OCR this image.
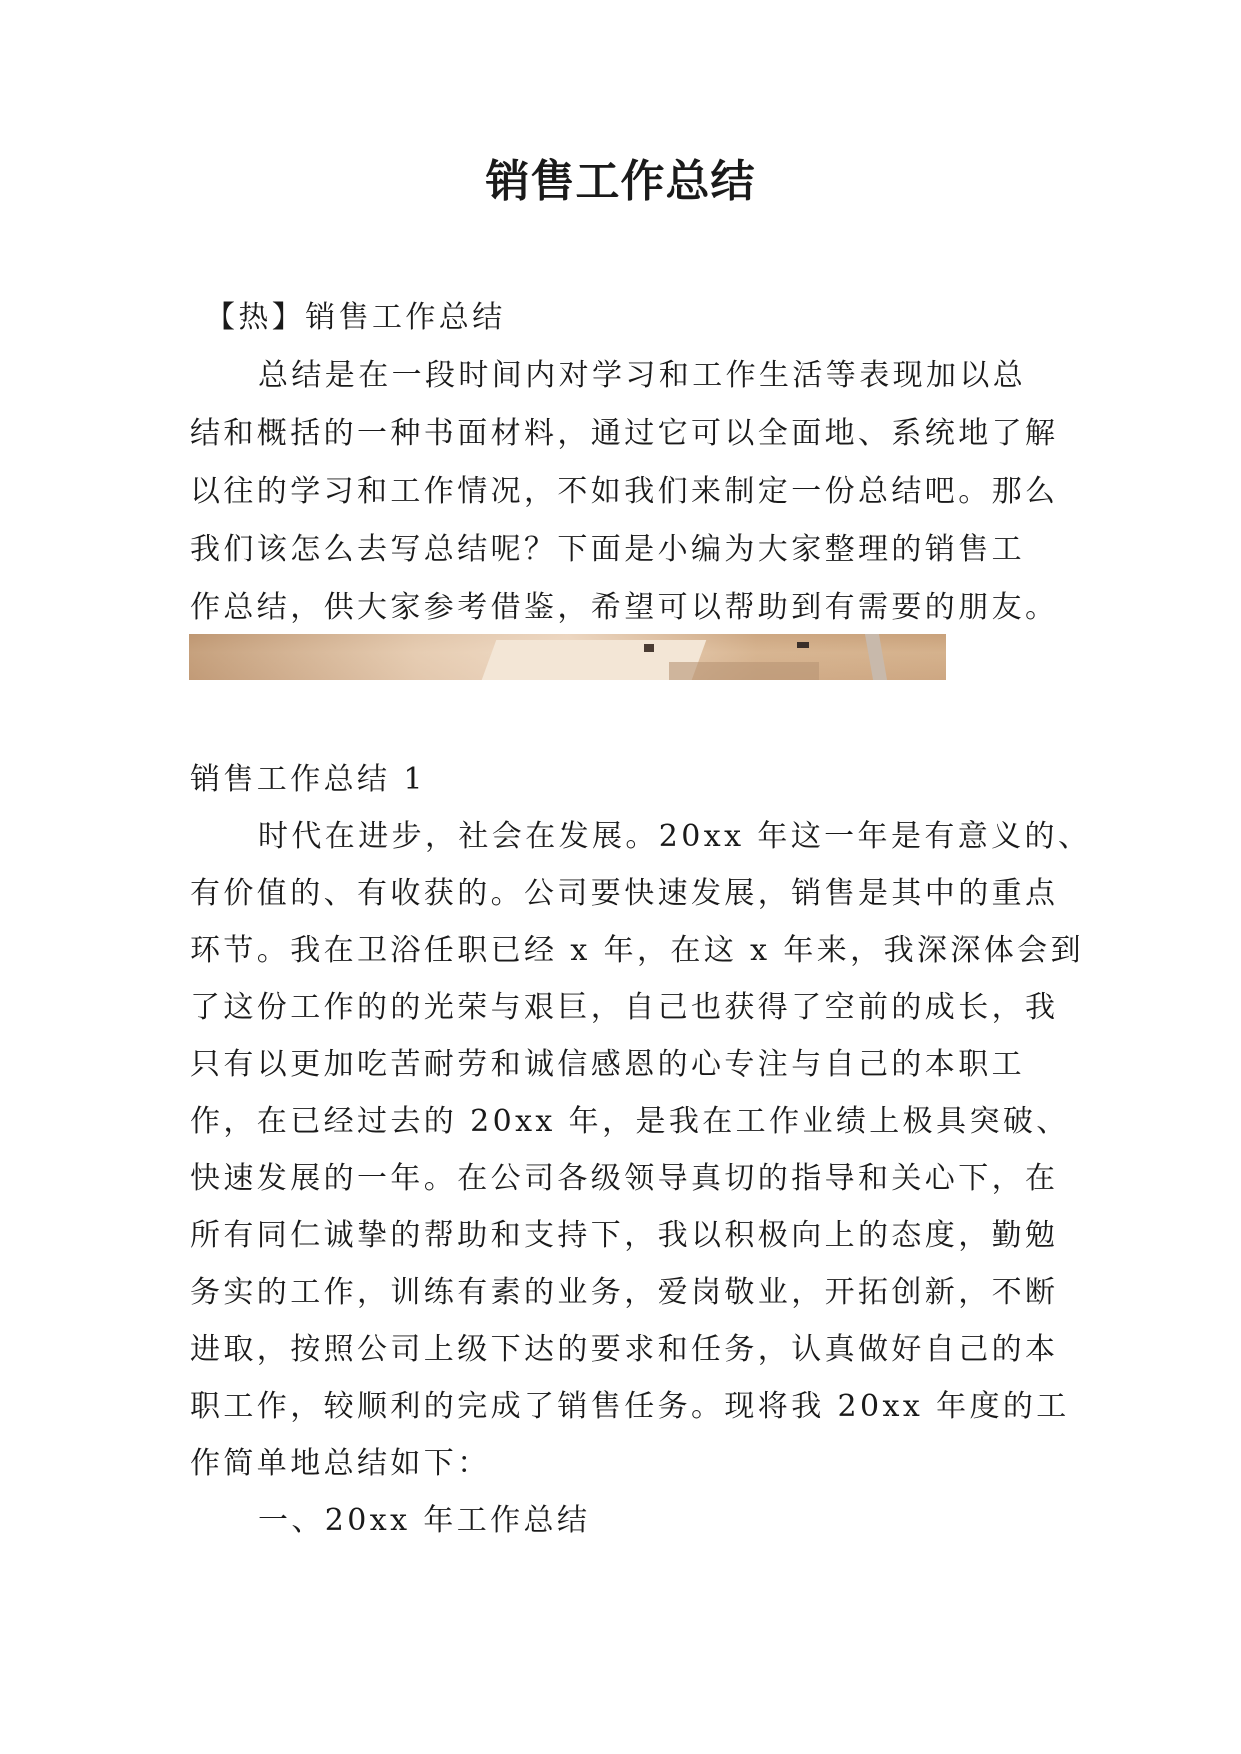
销售工作总结

【热】销售工作总结

总结是在一段时间内对学习和工作生活等表现加以总

结和概括的一种书面材料，通过它可以全面地、系统地了解

以往的学习和工作情况，不如我们来制定一份总结吧。那么

我们该怎么去写总结呢？下面是小编为大家整理的销售工

作总结，供大家参考借鉴，希望可以帮助到有需要的朋友。

销售工作总结 1

时代在进步，社会在发展。20xx 年这一年是有意义的、

有价值的、有收获的。公司要快速发展，销售是其中的重点

环节。我在卫浴任职已经 x 年，在这 x 年来，我深深体会到

了这份工作的的光荣与艰巨，自己也获得了空前的成长，我

只有以更加吃苦耐劳和诚信感恩的心专注与自己的本职工

作，在已经过去的 20xx 年，是我在工作业绩上极具突破、

快速发展的一年。在公司各级领导真切的指导和关心下，在

所有同仁诚挚的帮助和支持下，我以积极向上的态度，勤勉

务实的工作，训练有素的业务，爱岗敬业，开拓创新，不断

进取，按照公司上级下达的要求和任务，认真做好自己的本

职工作，较顺利的完成了销售任务。现将我 20xx 年度的工

作简单地总结如下：

一、20xx 年工作总结
